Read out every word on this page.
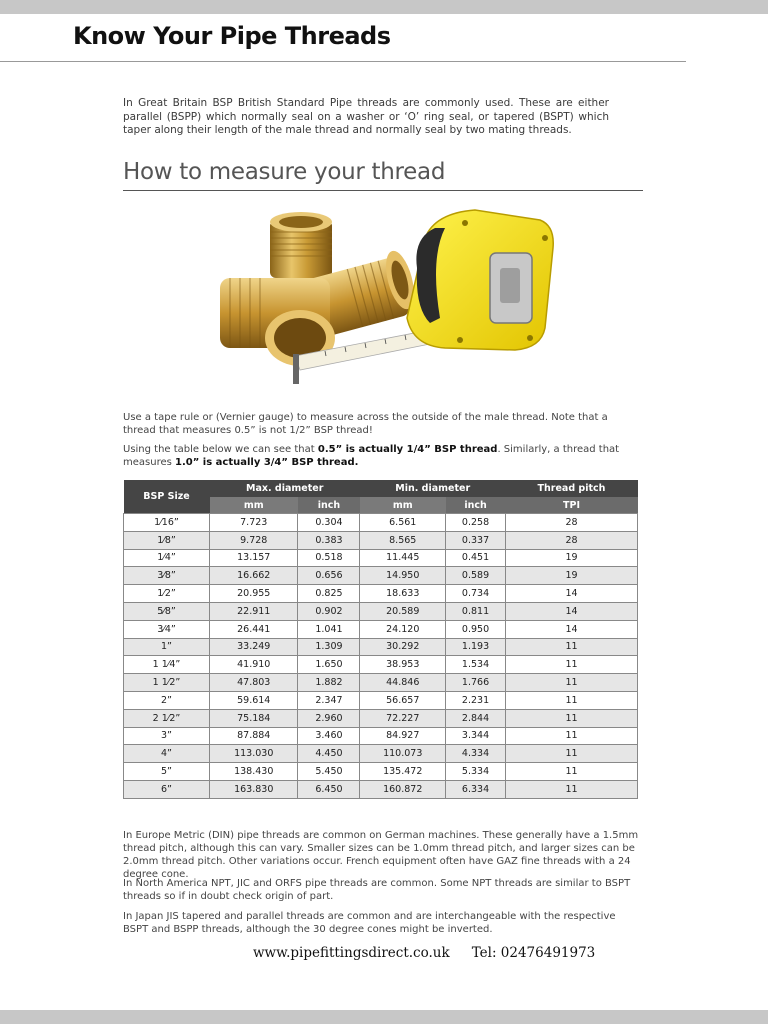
Know Your Pipe Threads
In Great Britain BSP British Standard Pipe threads are commonly used. These are either parallel (BSPP) which normally seal on a washer or ‘O’ ring seal, or tapered (BSPT) which taper along their length of the male thread and normally seal by two mating threads.
How to measure your thread
Use a tape rule or (Vernier gauge) to measure across the outside of the male thread. Note that a thread that measures 0.5” is not 1/2” BSP thread!
Using the table below we can see that 0.5” is actually 1/4” BSP thread. Similarly, a thread that measures 1.0” is actually 3/4” BSP thread.
BSP Size	Max. diameter		Min. diameter		Thread pitch
	mm	inch	mm	inch	TPI
1⁄16”	7.723	0.304	6.561	0.258	28
1⁄8”	9.728	0.383	8.565	0.337	28
1⁄4”	13.157	0.518	11.445	0.451	19
3⁄8”	16.662	0.656	14.950	0.589	19
1⁄2”	20.955	0.825	18.633	0.734	14
5⁄8”	22.911	0.902	20.589	0.811	14
3⁄4”	26.441	1.041	24.120	0.950	14
1”	33.249	1.309	30.292	1.193	11
1 1⁄4”	41.910	1.650	38.953	1.534	11
1 1⁄2”	47.803	1.882	44.846	1.766	11
2”	59.614	2.347	56.657	2.231	11
2 1⁄2”	75.184	2.960	72.227	2.844	11
3”	87.884	3.460	84.927	3.344	11
4”	113.030	4.450	110.073	4.334	11
5”	138.430	5.450	135.472	5.334	11
6”	163.830	6.450	160.872	6.334	11
In Europe Metric (DIN) pipe threads are common on German machines. These generally have a 1.5mm thread pitch, although this can vary. Smaller sizes can be 1.0mm thread pitch, and larger sizes can be 2.0mm thread pitch. Other variations occur. French equipment often have GAZ fine threads with a 24 degree cone.
In North America NPT, JIC and ORFS pipe threads are common. Some NPT threads are similar to BSPT threads so if in doubt check origin of part.
In Japan JIS tapered and parallel threads are common and are interchangeable with the respective BSPT and BSPP threads, although the 30 degree cones might be inverted.
www.pipefittingsdirect.co.uk Tel: 02476491973
